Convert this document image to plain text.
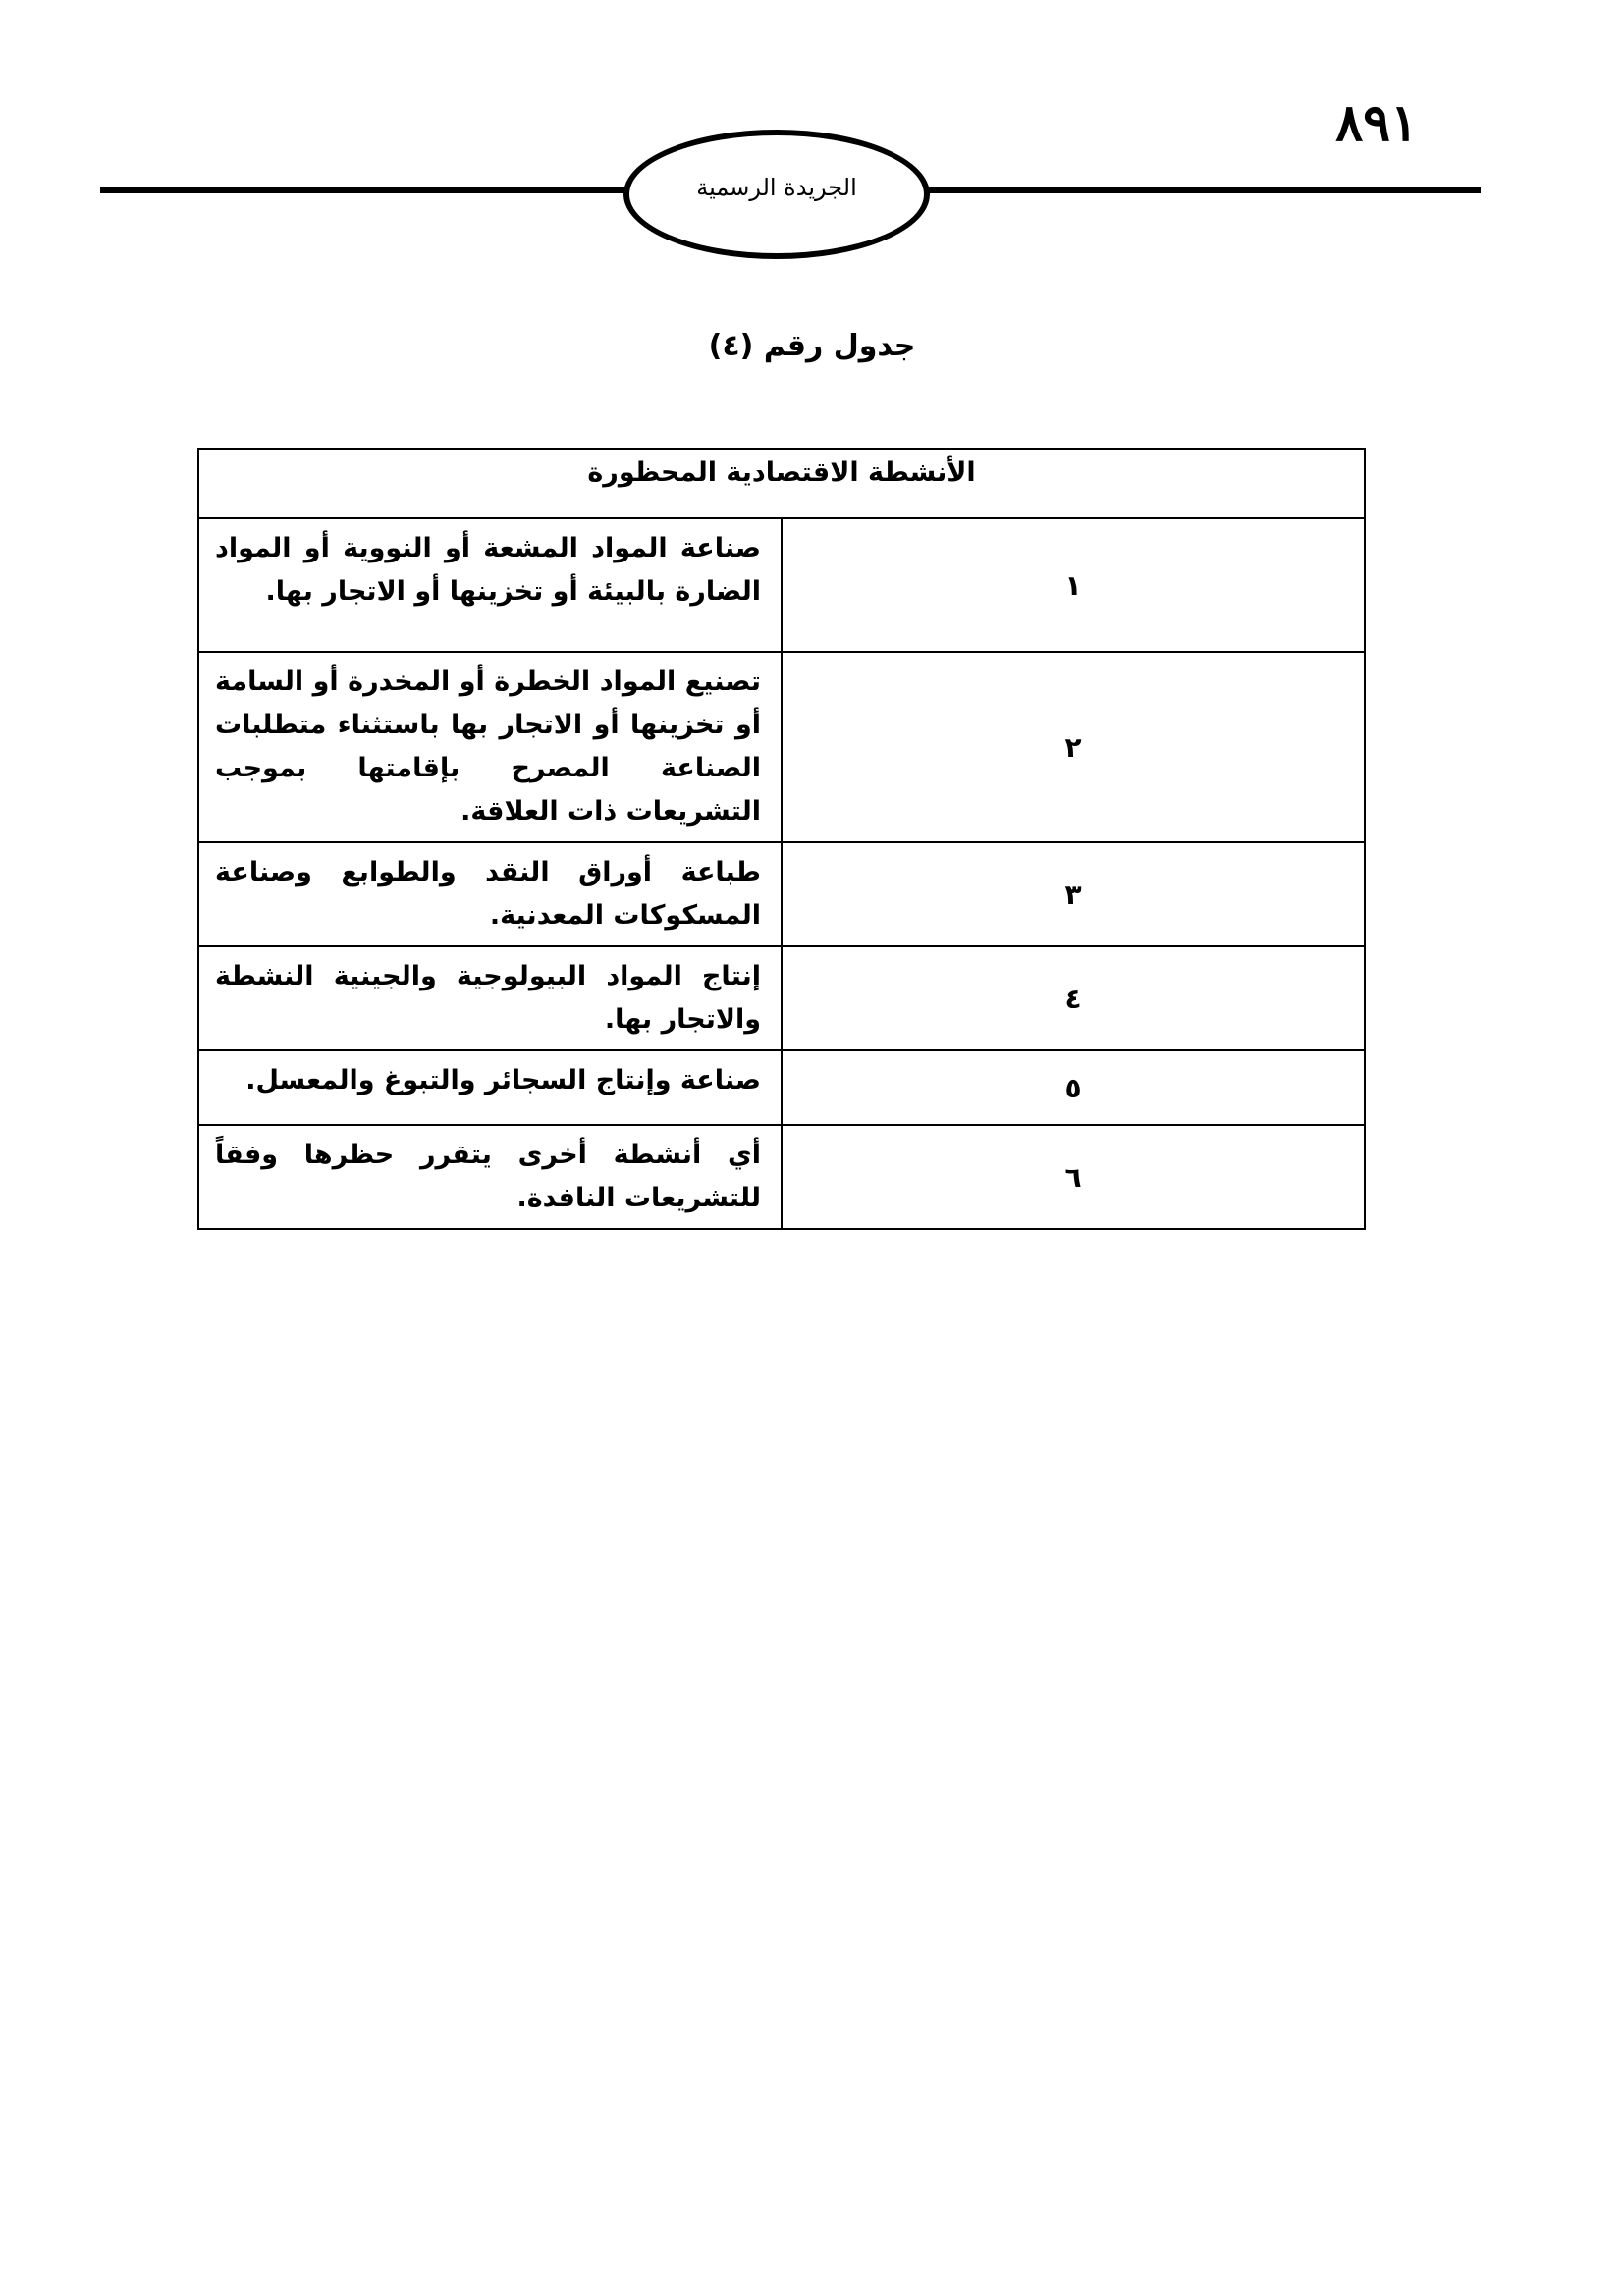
٨٩١
الجريدة الرسمية
جدول رقم (٤)
الأنشطة الاقتصادية المحظورة	
١	صناعة المواد المشعة أو النووية أو المواد الضارة بالبيئة أو تخزينها أو الاتجار بها.
٢	تصنيع المواد الخطرة أو المخدرة أو السامة أو تخزينها أو الاتجار بها باستثناء متطلبات الصناعة المصرح بإقامتها بموجب التشريعات ذات العلاقة.
٣	طباعة أوراق النقد والطوابع وصناعة المسكوكات المعدنية.
٤	إنتاج المواد البيولوجية والجينية النشطة والاتجار بها.
٥	صناعة وإنتاج السجائر والتبوغ والمعسل.
٦	أي أنشطة أخرى يتقرر حظرها وفقاً للتشريعات النافدة.
